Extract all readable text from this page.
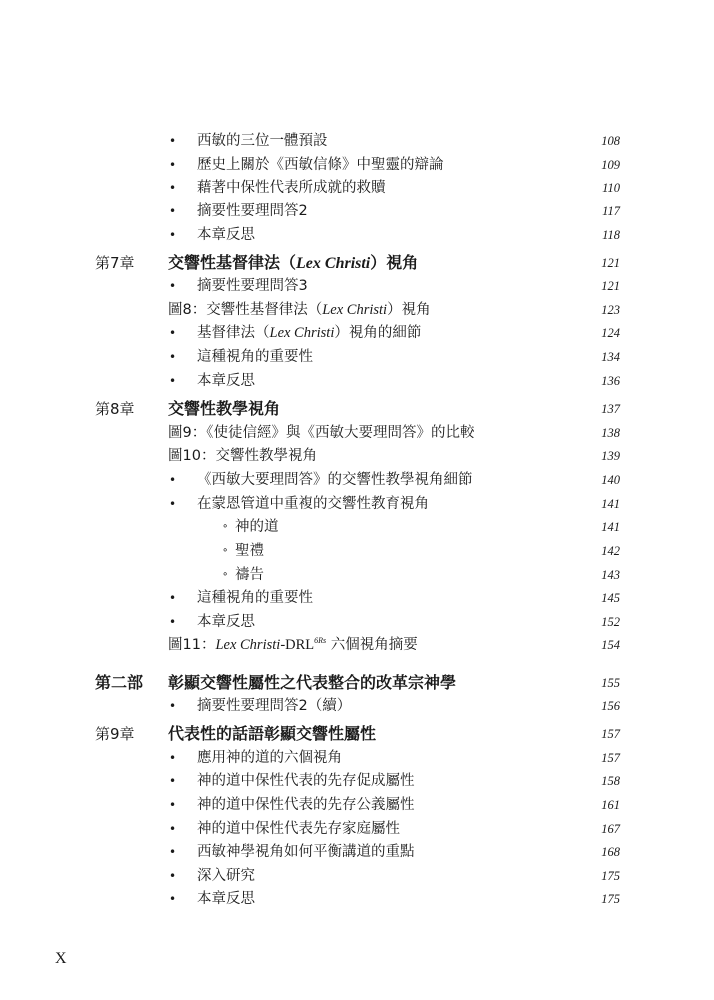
• 西敏的三位一體預設	108
• 歷史上關於《西敏信條》中聖靈的辯論	109
• 藉著中保性代表所成就的救贖	110
• 摘要性要理問答2	117
• 本章反思	118
第7章 交響性基督律法（Lex Christi）視角	121
• 摘要性要理問答3	121
圖8：交響性基督律法（Lex Christi）視角	123
• 基督律法（Lex Christi）視角的細節	124
• 這種視角的重要性	134
• 本章反思	136
第8章 交響性教學視角	137
圖9：《使徒信經》與《西敏大要理問答》的比較	138
圖10：交響性教學視角	139
• 《西敏大要理問答》的交響性教學視角細節	140
• 在蒙恩管道中重複的交響性教育視角	141
∘ 神的道	141
∘ 聖禮	142
∘ 禱告	143
• 這種視角的重要性	145
• 本章反思	152
圖11：Lex Christi-$DRL^{6Rs}$ 六個視角摘要	154
第二部 彰顯交響性屬性之代表整合的改革宗神學	155
• 摘要性要理問答2（續）	156
第9章 代表性的話語彰顯交響性屬性	157
• 應用神的道的六個視角	157
• 神的道中保性代表的先存促成屬性	158
• 神的道中保性代表的先存公義屬性	161
• 神的道中保性代表先存家庭屬性	167
• 西敏神學視角如何平衡講道的重點	168
• 深入研究	175
• 本章反思	175
X
